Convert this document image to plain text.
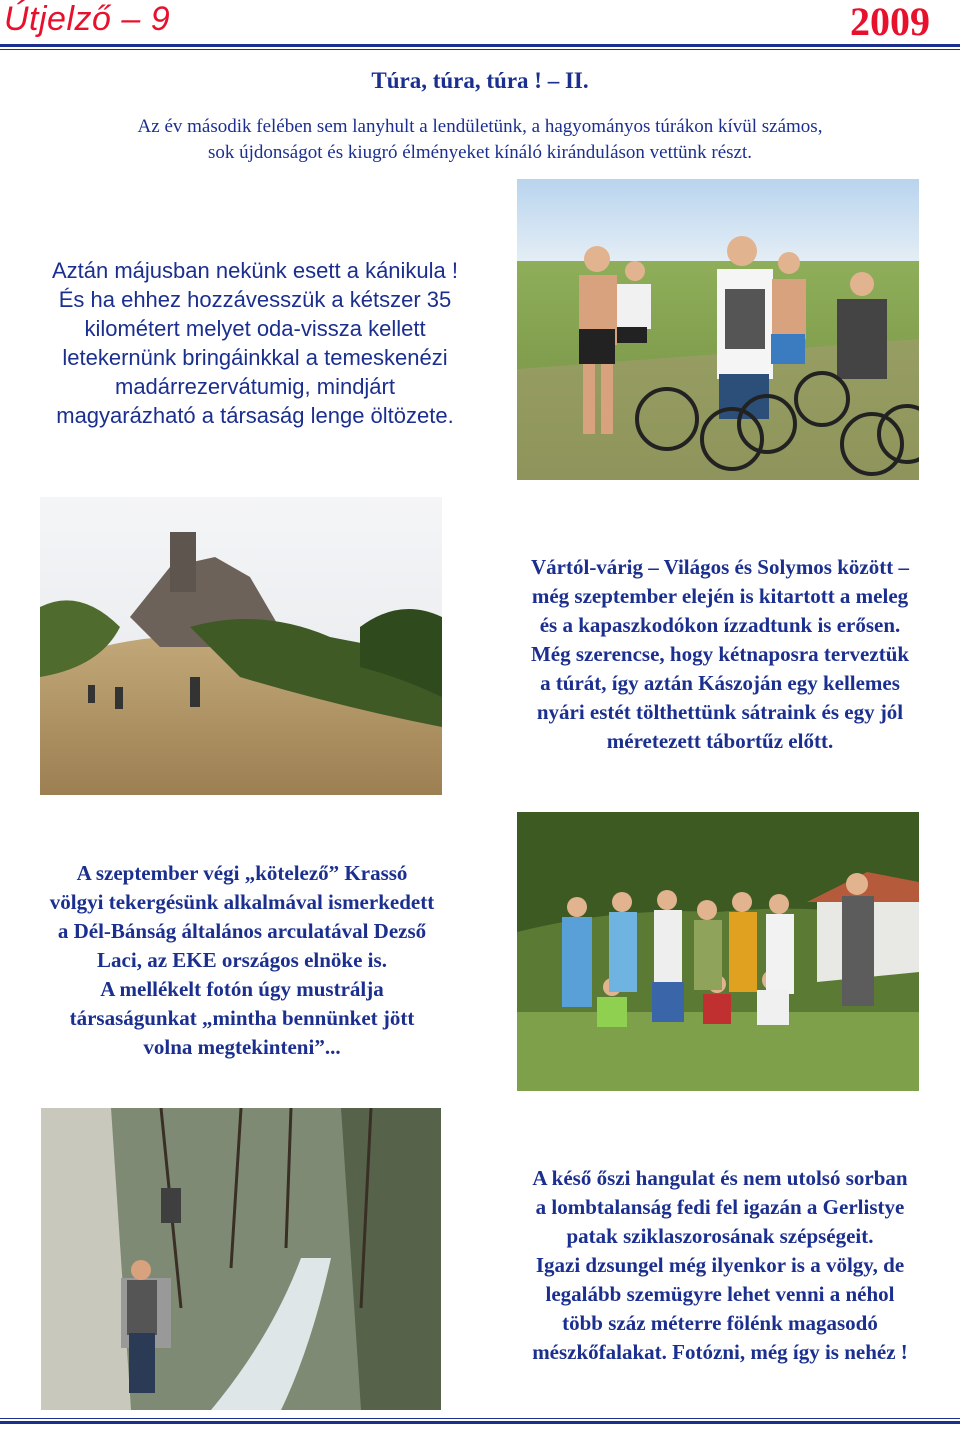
Útjelző – 9	2009
Túra, túra, túra ! – II.
Az év második felében sem lanyhult a lendületünk, a hagyományos túrákon kívül számos,
sok újdonságot és kiugró élményeket kínáló kiránduláson vettünk részt.
Aztán májusban nekünk esett a kánikula !
És ha ehhez hozzávesszük a kétszer 35
kilométert melyet oda-vissza kellett
letekernünk bringáinkkal a temeskenézi
madárrezervátumig, mindjárt
magyarázható a társaság lenge öltözete.
Vártól-várig – Világos és Solymos között –
még szeptember elején is kitartott a meleg
és a kapaszkodókon ízzadtunk is erősen.
Még szerencse, hogy kétnaposra terveztük
a túrát, így aztán Kászoján egy kellemes
nyári estét tölthettünk sátraink és egy jól
méretezett tábortűz előtt.
A szeptember végi „kötelező” Krassó
völgyi tekergésünk alkalmával ismerkedett
a Dél-Bánság általános arculatával Dezső
Laci, az EKE országos elnöke is.
A mellékelt fotón úgy mustrálja
társaságunkat „mintha bennünket jött
volna megtekinteni”...
A késő őszi hangulat és nem utolsó sorban
a lombtalanság fedi fel igazán a Gerlistye
patak sziklaszorosának szépségeit.
Igazi dzsungel még ilyenkor is a völgy, de
legalább szemügyre lehet venni a néhol
több száz méterre fölénk magasodó
mészkőfalakat. Fotózni, még így is nehéz !
